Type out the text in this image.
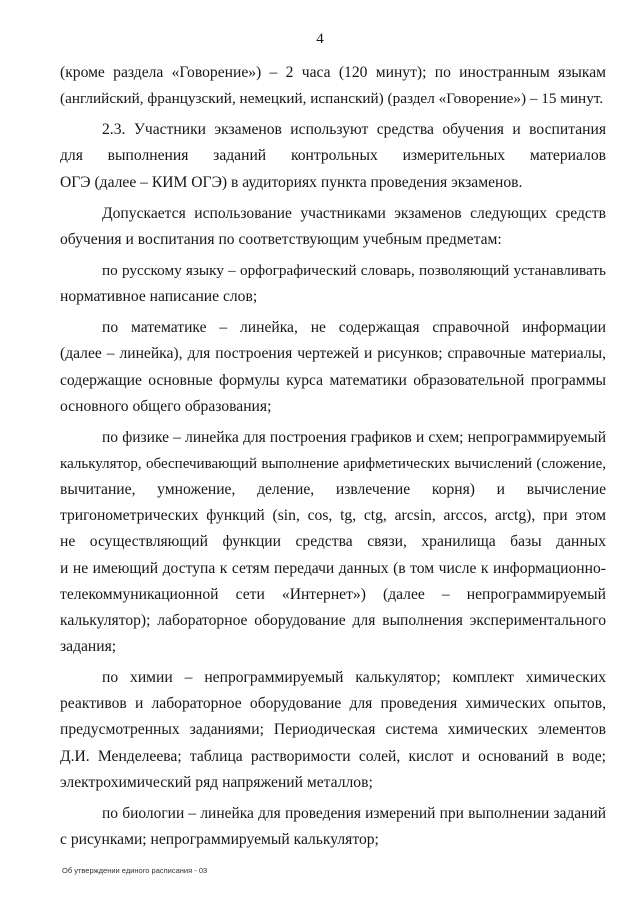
4
(кроме раздела «Говорение») – 2 часа (120 минут); по иностранным языкам
(английский, французский, немецкий, испанский) (раздел «Говорение») – 15 минут.
2.3. Участники экзаменов используют средства обучения и воспитания
для выполнения заданий контрольных измерительных материалов
ОГЭ (далее – КИМ ОГЭ) в аудиториях пункта проведения экзаменов.
Допускается использование участниками экзаменов следующих средств
обучения и воспитания по соответствующим учебным предметам:
по русскому языку – орфографический словарь, позволяющий устанавливать
нормативное написание слов;
по математике – линейка, не содержащая справочной информации
(далее – линейка), для построения чертежей и рисунков; справочные материалы,
содержащие основные формулы курса математики образовательной программы
основного общего образования;
по физике – линейка для построения графиков и схем; непрограммируемый
калькулятор, обеспечивающий выполнение арифметических вычислений (сложение,
вычитание, умножение, деление, извлечение корня) и вычисление
тригонометрических функций (sin, cos, tg, ctg, arcsin, arccos, arctg), при этом
не осуществляющий функции средства связи, хранилища базы данных
и не имеющий доступа к сетям передачи данных (в том числе к информационно-
телекоммуникационной сети «Интернет») (далее – непрограммируемый
калькулятор); лабораторное оборудование для выполнения экспериментального
задания;
по химии – непрограммируемый калькулятор; комплект химических
реактивов и лабораторное оборудование для проведения химических опытов,
предусмотренных заданиями; Периодическая система химических элементов
Д.И. Менделеева; таблица растворимости солей, кислот и оснований в воде;
электрохимический ряд напряжений металлов;
по биологии – линейка для проведения измерений при выполнении заданий
с рисунками; непрограммируемый калькулятор;
Об утверждении единого расписания - 03
